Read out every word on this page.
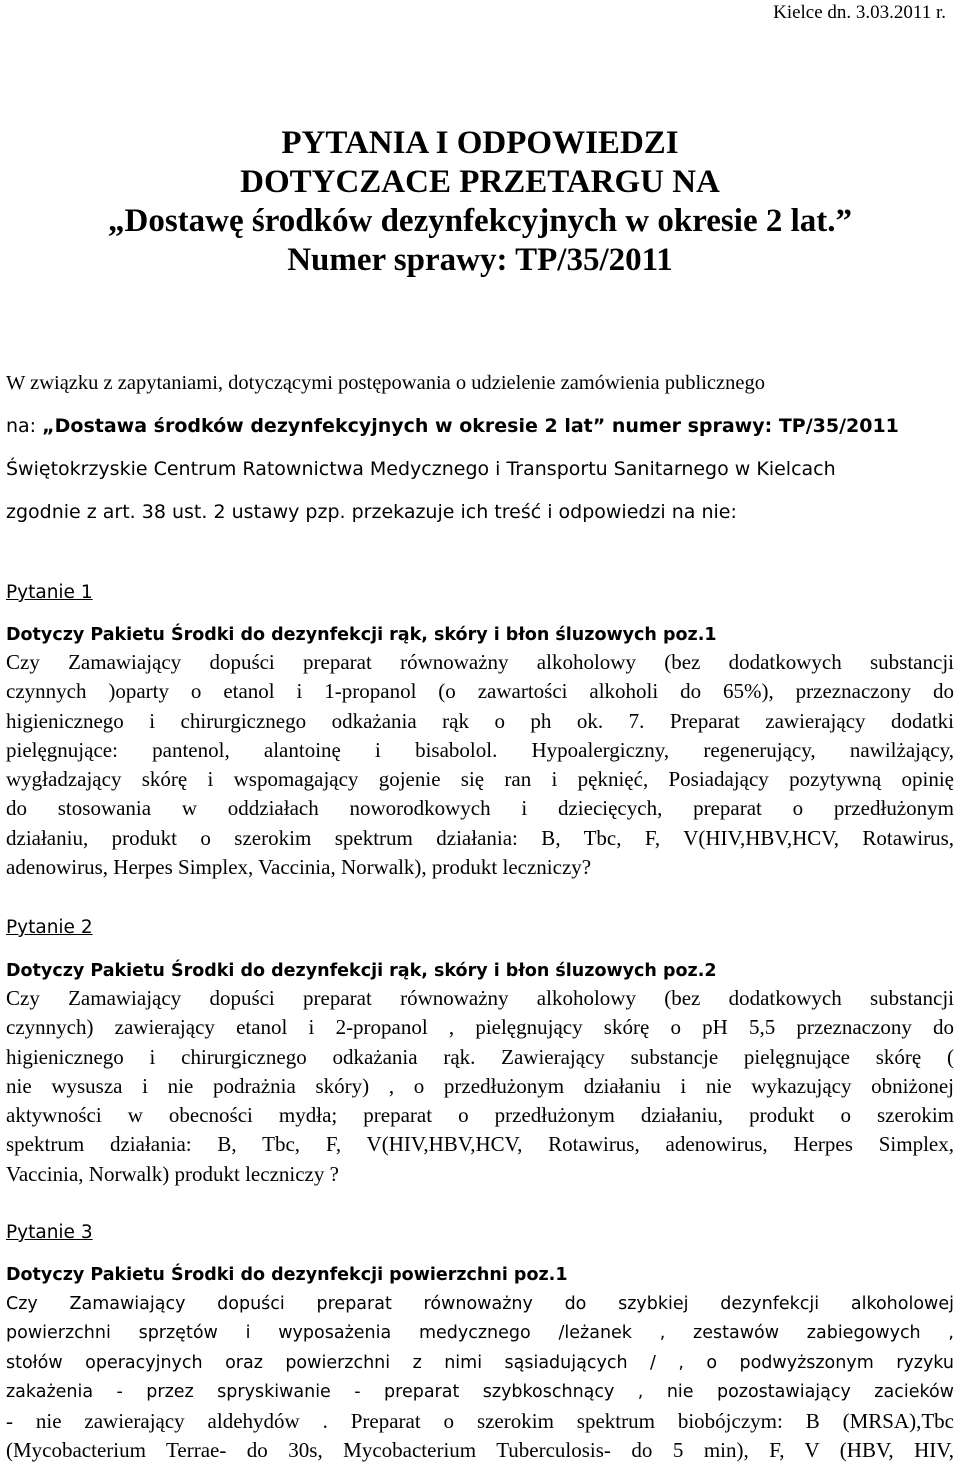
Kielce dn. 3.03.2011 r.
PYTANIA I ODPOWIEDZI
DOTYCZACE PRZETARGU NA
„Dostawę środków dezynfekcyjnych w okresie 2 lat.”
Numer sprawy: TP/35/2011
W związku z zapytaniami, dotyczącymi postępowania o udzielenie zamówienia publicznego
na: „Dostawa środków dezynfekcyjnych w okresie 2 lat” numer sprawy: TP/35/2011
Świętokrzyskie Centrum Ratownictwa Medycznego i Transportu Sanitarnego w Kielcach
zgodnie z art. 38 ust. 2 ustawy pzp. przekazuje ich treść i odpowiedzi na nie:
Pytanie 1
Dotyczy Pakietu Środki do dezynfekcji rąk, skóry i błon śluzowych poz.1
Czy Zamawiający dopuści preparat równoważny alkoholowy (bez dodatkowych substancji
czynnych )oparty o etanol i 1-propanol (o zawartości alkoholi do 65%), przeznaczony do
higienicznego i chirurgicznego odkażania rąk o ph ok. 7. Preparat zawierający dodatki
pielęgnujące: pantenol, alantoinę i bisabolol. Hypoalergiczny, regenerujący, nawilżający,
wygładzający skórę i wspomagający gojenie się ran i pęknięć, Posiadający pozytywną opinię
do stosowania w oddziałach noworodkowych i dziecięcych, preparat o przedłużonym
działaniu, produkt o szerokim spektrum działania: B, Tbc, F, V(HIV,HBV,HCV, Rotawirus,
adenowirus, Herpes Simplex, Vaccinia, Norwalk), produkt leczniczy?
Pytanie 2
Dotyczy Pakietu Środki do dezynfekcji rąk, skóry i błon śluzowych poz.2
Czy Zamawiający dopuści preparat równoważny alkoholowy (bez dodatkowych substancji
czynnych) zawierający etanol i 2-propanol , pielęgnujący skórę o pH 5,5 przeznaczony do
higienicznego i chirurgicznego odkażania rąk. Zawierający substancje pielęgnujące skórę (
nie wysusza i nie podrażnia skóry) , o przedłużonym działaniu i nie wykazujący obniżonej
aktywności w obecności mydła; preparat o przedłużonym działaniu, produkt o szerokim
spektrum działania: B, Tbc, F, V(HIV,HBV,HCV, Rotawirus, adenowirus, Herpes Simplex,
Vaccinia, Norwalk) produkt leczniczy ?
Pytanie 3
Dotyczy Pakietu Środki do dezynfekcji powierzchni poz.1
Czy Zamawiający dopuści preparat równoważny do szybkiej dezynfekcji alkoholowej
powierzchni sprzętów i wyposażenia medycznego /leżanek , zestawów zabiegowych ,
stołów operacyjnych oraz powierzchni z nimi sąsiadujących / , o podwyższonym ryzyku
zakażenia - przez spryskiwanie - preparat szybkoschnący , nie pozostawiający zacieków
- nie zawierający aldehydów . Preparat o szerokim spektrum biobójczym: B (MRSA),Tbc
(Mycobacterium Terrae- do 30s, Mycobacterium Tuberculosis- do 5 min), F, V (HBV, HIV,
